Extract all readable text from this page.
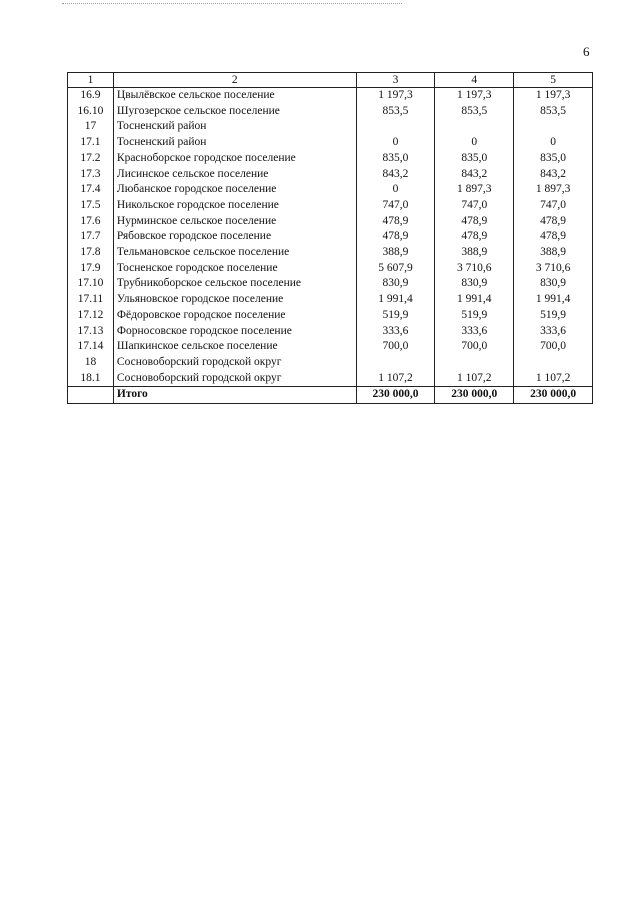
6
1	2	3	4	5
16.9	Цвылёвское сельское поселение	1 197,3	1 197,3	1 197,3
16.10	Шугозерское сельское поселение	853,5	853,5	853,5
17	Тосненский район			
17.1	Тосненский район	0	0	0
17.2	Красноборское городское поселение	835,0	835,0	835,0
17.3	Лисинское сельское поселение	843,2	843,2	843,2
17.4	Любанское городское поселение	0	1 897,3	1 897,3
17.5	Никольское городское поселение	747,0	747,0	747,0
17.6	Нурминское сельское поселение	478,9	478,9	478,9
17.7	Рябовское городское поселение	478,9	478,9	478,9
17.8	Тельмановское сельское поселение	388,9	388,9	388,9
17.9	Тосненское городское поселение	5 607,9	3 710,6	3 710,6
17.10	Трубникоборское сельское поселение	830,9	830,9	830,9
17.11	Ульяновское городское поселение	1 991,4	1 991,4	1 991,4
17.12	Фёдоровское городское поселение	519,9	519,9	519,9
17.13	Форносовское городское поселение	333,6	333,6	333,6
17.14	Шапкинское сельское поселение	700,0	700,0	700,0
18	Сосновоборский городской округ			
18.1	Сосновоборский городской округ	1 107,2	1 107,2	1 107,2
	Итого	230 000,0	230 000,0	230 000,0
